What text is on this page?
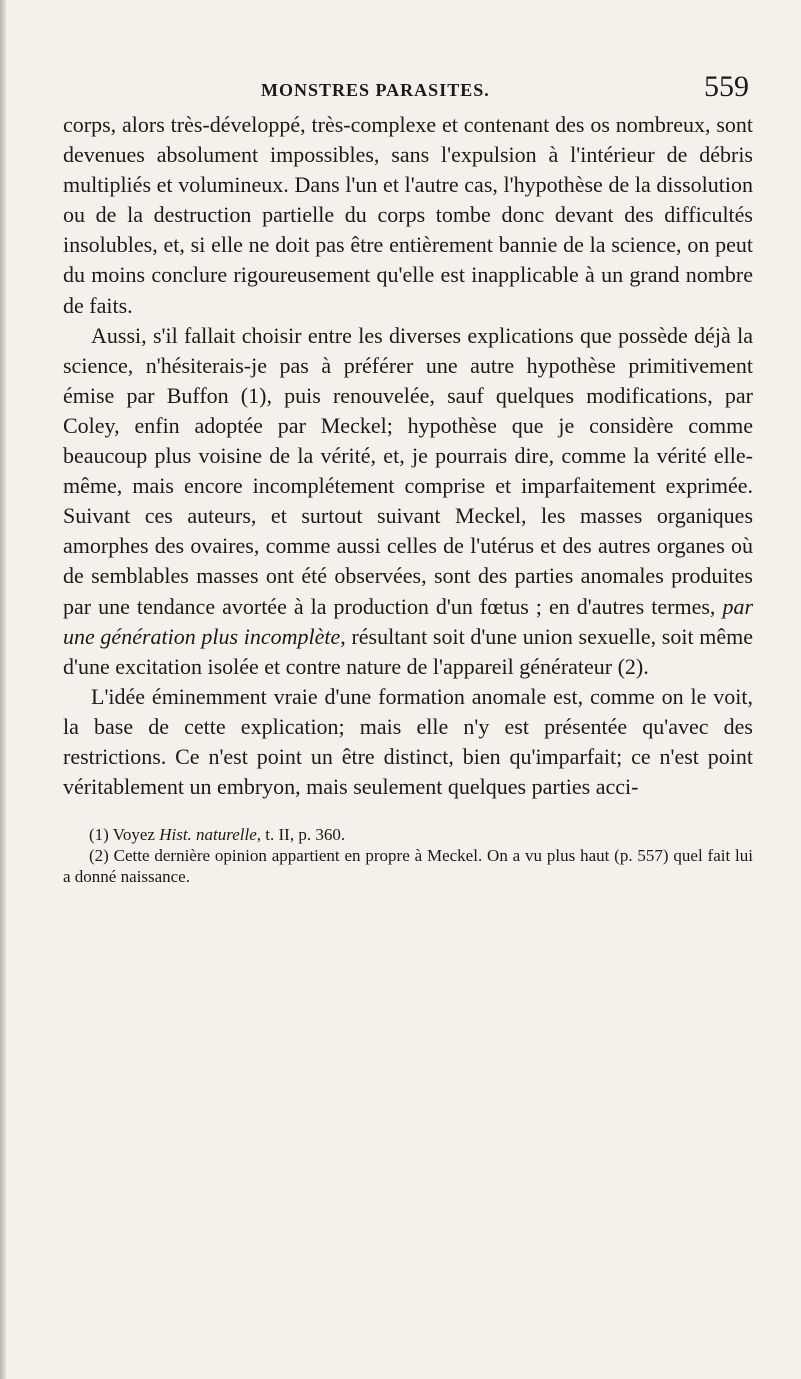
MONSTRES PARASITES.	559

corps, alors très-développé, très-complexe et contenant des os nombreux, sont devenues absolument impossibles, sans l'expulsion à l'intérieur de débris multipliés et volumineux. Dans l'un et l'autre cas, l'hypothèse de la dissolution ou de la destruction partielle du corps tombe donc devant des difficultés insolubles, et, si elle ne doit pas être entièrement bannie de la science, on peut du moins conclure rigoureusement qu'elle est inapplicable à un grand nombre de faits.

Aussi, s'il fallait choisir entre les diverses explications que possède déjà la science, n'hésiterais-je pas à préférer une autre hypothèse primitivement émise par Buffon (1), puis renouvelée, sauf quelques modifications, par Coley, enfin adoptée par Meckel; hypothèse que je considère comme beaucoup plus voisine de la vérité, et, je pourrais dire, comme la vérité elle-même, mais encore incomplétement comprise et imparfaitement exprimée. Suivant ces auteurs, et surtout suivant Meckel, les masses organiques amorphes des ovaires, comme aussi celles de l'utérus et des autres organes où de semblables masses ont été observées, sont des parties anomales produites par une tendance avortée à la production d'un fœtus ; en d'autres termes, par une génération plus incomplète, résultant soit d'une union sexuelle, soit même d'une excitation isolée et contre nature de l'appareil générateur (2).

L'idée éminemment vraie d'une formation anomale est, comme on le voit, la base de cette explication; mais elle n'y est présentée qu'avec des restrictions. Ce n'est point un être distinct, bien qu'imparfait; ce n'est point véritablement un embryon, mais seulement quelques parties acci-

(1) Voyez Hist. naturelle, t. II, p. 360.

(2) Cette dernière opinion appartient en propre à Meckel. On a vu plus haut (p. 557) quel fait lui a donné naissance.
